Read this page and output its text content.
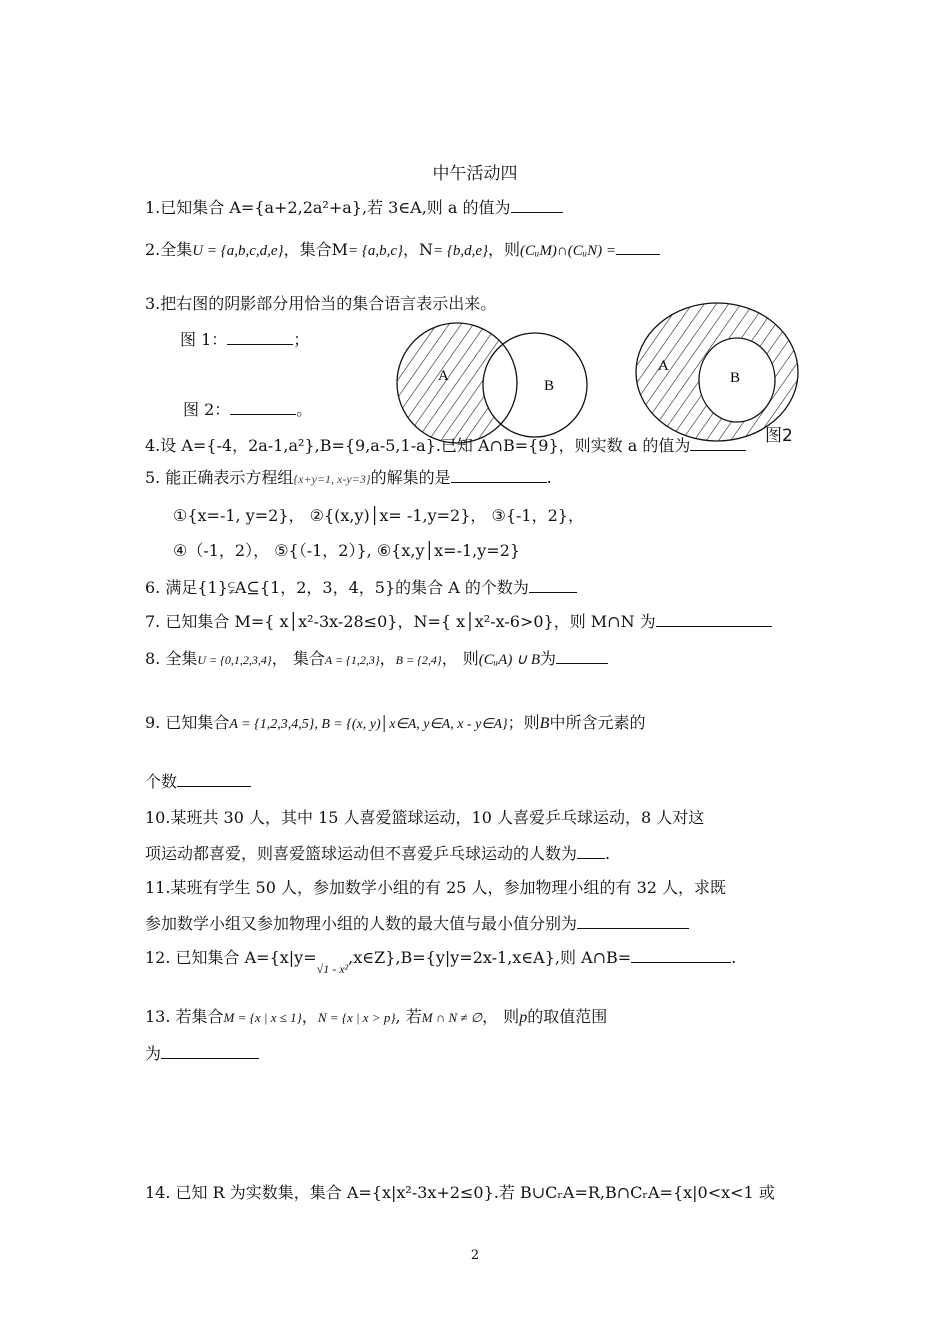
中午活动四
1.已知集合 A={a+2,2a²+a},若 3∈A,则 a 的值为
2.全集U = {a,b,c,d,e}，集合M= {a,b,c}，N= {b,d,e}，则(CᵤM)∩(CᵤN) =
3.把右图的阴影部分用恰当的集合语言表示出来。
图 1：	；
图 2：	。
A
B
A
B
图2
4.设 A={-4，2a-1,a²},B={9,a-5,1-a}.已知 A∩B={9}，则实数 a 的值为
5. 能正确表示方程组{x+y=1, x-y=3}的解集的是	.
①{x=-1, y=2}， ②{(x,y)│x= -1,y=2}， ③{-1，2}，
④（-1，2）， ⑤{（-1，2）}, ⑥{x,y│x=-1,y=2}
6. 满足{1}⫋A⊆{1，2，3，4，5}的集合 A 的个数为
7. 已知集合 M={ x│x²-3x-28≤0}，N={ x│x²-x-6>0}，则 M∩N 为
8. 全集U = {0,1,2,3,4}， 集合A = {1,2,3}，B = {2,4}， 则(CᵤA) ∪ B为
9. 已知集合A = {1,2,3,4,5}, B = {(x, y)│x∈A, y∈A, x - y∈A}；则B中所含元素的
个数
10.某班共 30 人，其中 15 人喜爱篮球运动，10 人喜爱乒乓球运动，8 人对这
项运动都喜爱，则喜爱篮球运动但不喜爱乒乓球运动的人数为 .
11.某班有学生 50 人，参加数学小组的有 25 人，参加物理小组的有 32 人，求既
参加数学小组又参加物理小组的人数的最大值与最小值分别为
12. 已知集合 $A=\{x|y=_{√1 - x^2},x\in Z\},B=\{y|y=2x-1,x\in A\}$,则 A∩B=	.
13. 若集合M = {x | x ≤ 1}，N = {x | x > p}, 若M ∩ N ≠ ∅， 则p的取值范围
为
14. 已知 R 为实数集，集合 A={x|x²-3x+2≤0}.若 B∪CᵣA=R,B∩CᵣA={x|0<x<1 或
2
